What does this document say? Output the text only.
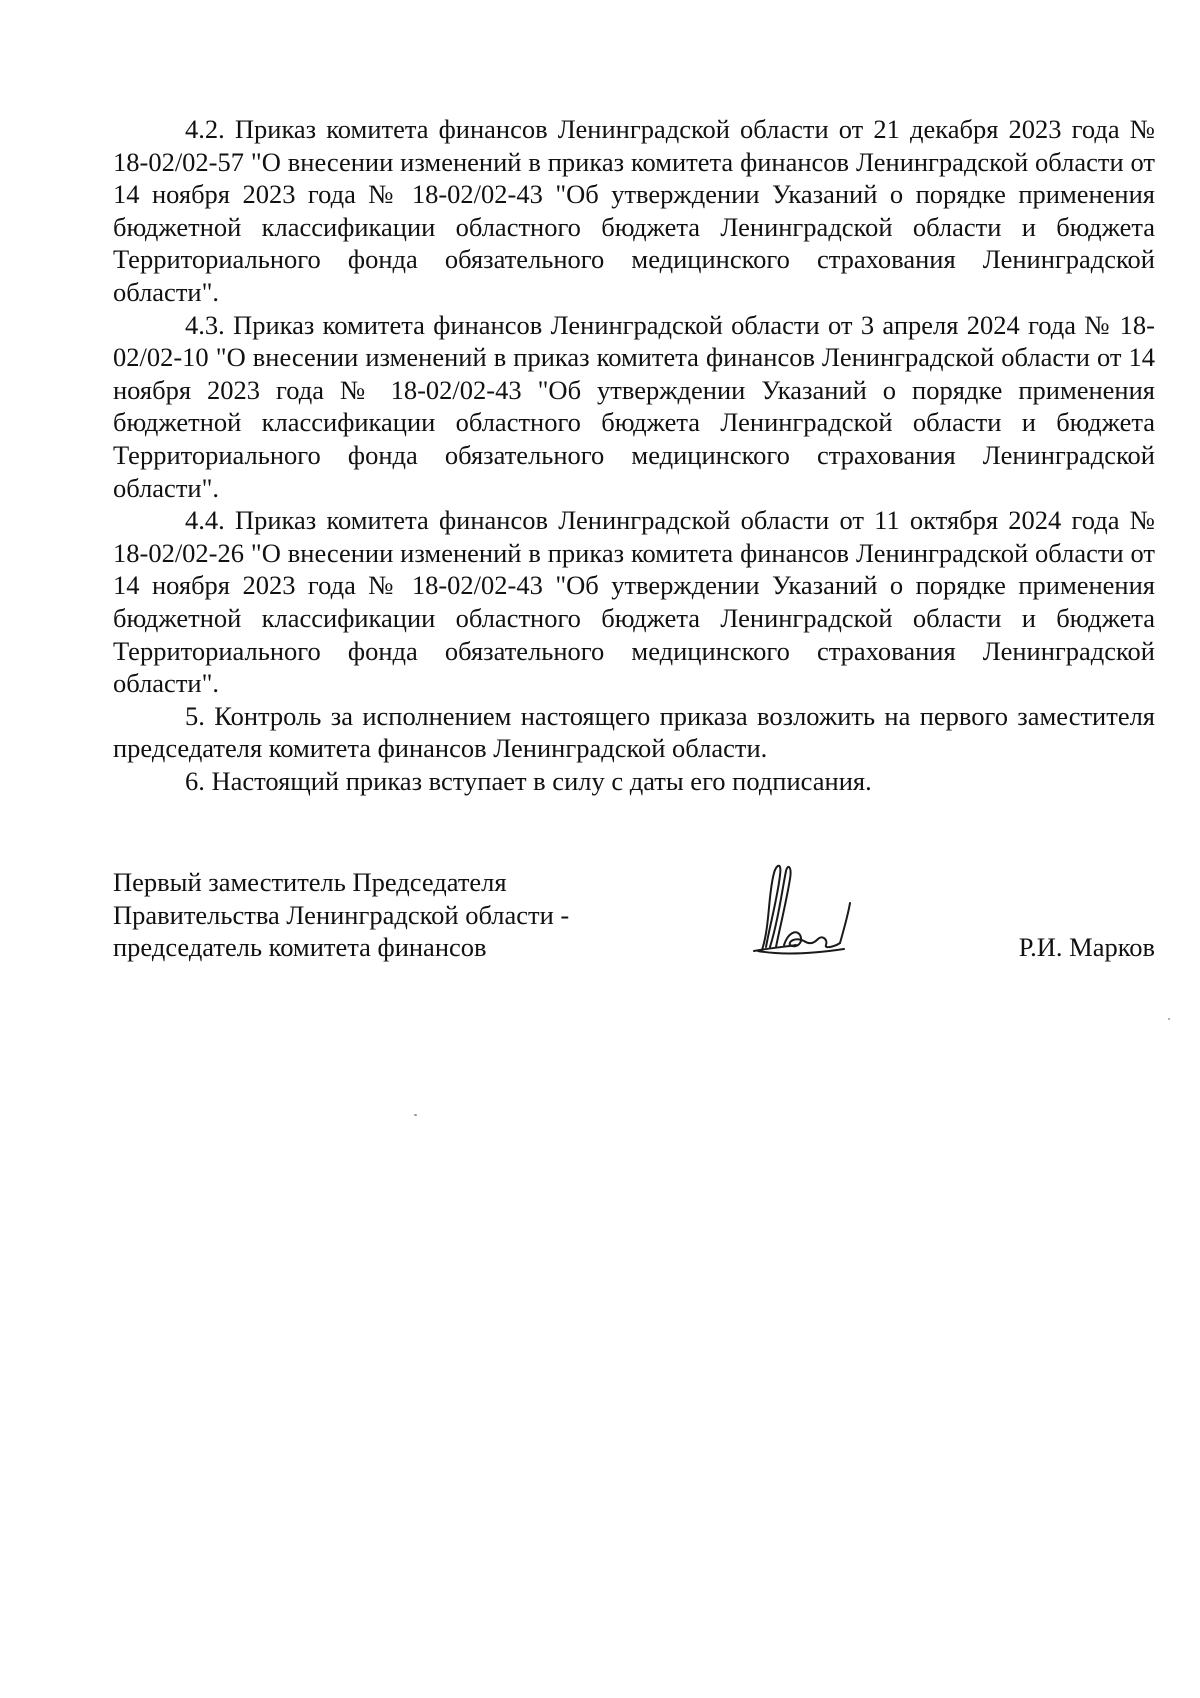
4.2. Приказ комитета финансов Ленинградской области от 21 декабря 2023 года № 18-02/02-57 "О внесении изменений в приказ комитета финансов Ленинградской области от 14 ноября 2023 года № 18-02/02-43 "Об утверждении Указаний о порядке применения бюджетной классификации областного бюджета Ленинградской области и бюджета Территориального фонда обязательного медицинского страхования Ленинградской области".

4.3. Приказ комитета финансов Ленинградской области от 3 апреля 2024 года № 18-02/02-10 "О внесении изменений в приказ комитета финансов Ленинградской области от 14 ноября 2023 года № 18-02/02-43 "Об утверждении Указаний о порядке применения бюджетной классификации областного бюджета Ленинградской области и бюджета Территориального фонда обязательного медицинского страхования Ленинградской области".

4.4. Приказ комитета финансов Ленинградской области от 11 октября 2024 года № 18-02/02-26 "О внесении изменений в приказ комитета финансов Ленинградской области от 14 ноября 2023 года № 18-02/02-43 "Об утверждении Указаний о порядке применения бюджетной классификации областного бюджета Ленинградской области и бюджета Территориального фонда обязательного медицинского страхования Ленинградской области".

5. Контроль за исполнением настоящего приказа возложить на первого заместителя председателя комитета финансов Ленинградской области.

6. Настоящий приказ вступает в силу с даты его подписания.

Первый заместитель Председателя
Правительства Ленинградской области -
председатель комитета финансов	Р.И. Марков
